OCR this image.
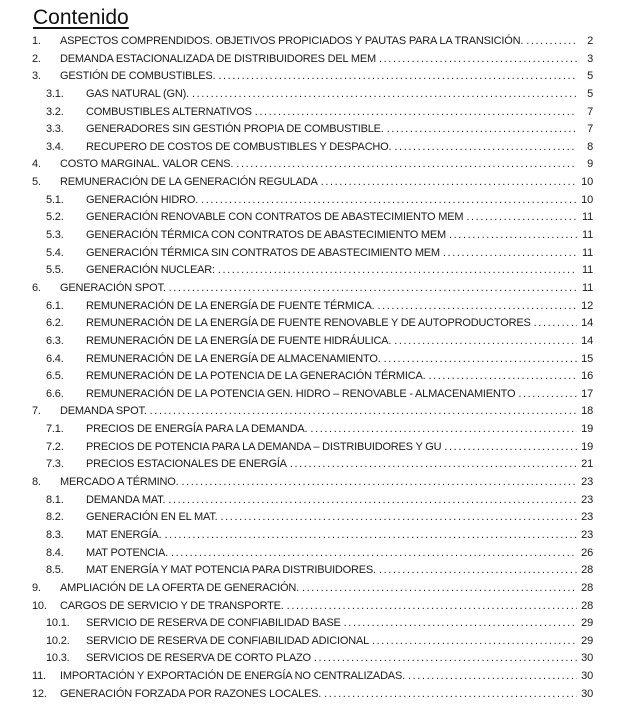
Contenido
1.	ASPECTOS COMPRENDIDOS. OBJETIVOS PROPICIADOS Y PAUTAS PARA LA TRANSICIÓN. .....	2
2.	DEMANDA ESTACIONALIZADA DE DISTRIBUIDORES DEL MEM .....	3
3.	GESTIÓN DE COMBUSTIBLES. .....	5
3.1.	GAS NATURAL (GN). .....	5
3.2.	COMBUSTIBLES ALTERNATIVOS .....	7
3.3.	GENERADORES SIN GESTIÓN PROPIA DE COMBUSTIBLE. .....	7
3.4.	RECUPERO DE COSTOS DE COMBUSTIBLES Y DESPACHO. .....	8
4.	COSTO MARGINAL. VALOR CENS. .....	9
5.	REMUNERACIÓN DE LA GENERACIÓN REGULADA .....	10
5.1.	GENERACIÓN HIDRO. .....	10
5.2.	GENERACIÓN RENOVABLE CON CONTRATOS DE ABASTECIMIENTO MEM .....	11
5.3.	GENERACIÓN TÉRMICA CON CONTRATOS DE ABASTECIMIENTO MEM .....	11
5.4.	GENERACIÓN TÉRMICA SIN CONTRATOS DE ABASTECIMIENTO MEM .....	11
5.5.	GENERACIÓN NUCLEAR: .....	11
6.	GENERACIÓN SPOT. .....	11
6.1.	REMUNERACIÓN DE LA ENERGÍA DE FUENTE TÉRMICA. .....	12
6.2.	REMUNERACIÓN DE LA ENERGÍA DE FUENTE RENOVABLE Y DE AUTOPRODUCTORES .....	14
6.3.	REMUNERACIÓN DE LA ENERGÍA DE FUENTE HIDRÁULICA. .....	14
6.4.	REMUNERACIÓN DE LA ENERGÍA DE ALMACENAMIENTO. .....	15
6.5.	REMUNERACIÓN DE LA POTENCIA DE LA GENERACIÓN TÉRMICA. .....	16
6.6.	REMUNERACIÓN DE LA POTENCIA GEN. HIDRO – RENOVABLE - ALMACENAMIENTO .....	17
7.	DEMANDA SPOT. .....	18
7.1.	PRECIOS DE ENERGÍA PARA LA DEMANDA. .....	19
7.2.	PRECIOS DE POTENCIA PARA LA DEMANDA – DISTRIBUIDORES Y GU .....	19
7.3.	PRECIOS ESTACIONALES DE ENERGÍA .....	21
8.	MERCADO A TÉRMINO. .....	23
8.1.	DEMANDA MAT. .....	23
8.2.	GENERACIÓN EN EL MAT. .....	23
8.3.	MAT ENERGÍA. .....	23
8.4.	MAT POTENCIA. .....	26
8.5.	MAT ENERGÍA Y MAT POTENCIA PARA DISTRIBUIDORES. .....	28
9.	AMPLIACIÓN DE LA OFERTA DE GENERACIÓN. .....	28
10.	CARGOS DE SERVICIO Y DE TRANSPORTE. .....	28
10.1.	SERVICIO DE RESERVA DE CONFIABILIDAD BASE .....	29
10.2.	SERVICIO DE RESERVA DE CONFIABILIDAD ADICIONAL .....	29
10.3.	SERVICIOS DE RESERVA DE CORTO PLAZO .....	30
11.	IMPORTACIÓN Y EXPORTACIÓN DE ENERGÍA NO CENTRALIZADAS. .....	30
12.	GENERACIÓN FORZADA POR RAZONES LOCALES. .....	30
